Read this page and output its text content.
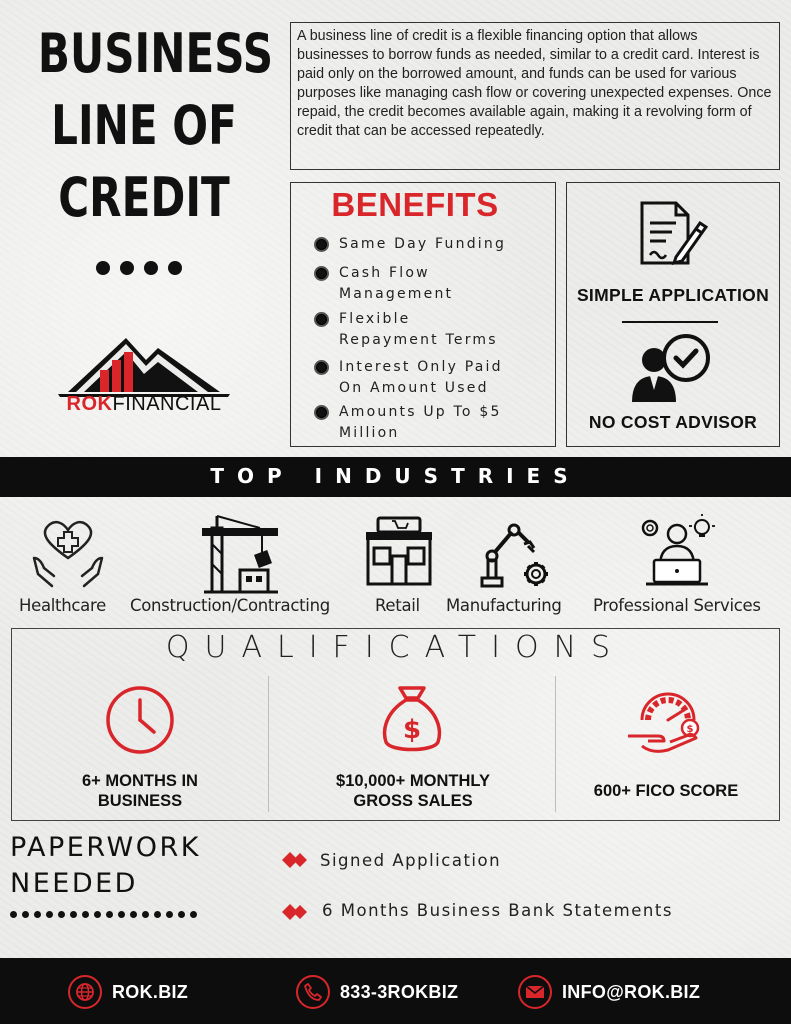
BUSINESS
LINE OF
CREDIT
ROKFINANCIAL
A business line of credit is a flexible financing option that allows businesses to borrow funds as needed, similar to a credit card. Interest is paid only on the borrowed amount, and funds can be used for various purposes like managing cash flow or covering unexpected expenses. Once repaid, the credit becomes available again, making it a revolving form of credit that can be accessed repeatedly.
BENEFITS
Same Day Funding
Cash Flow
Management
Flexible
Repayment Terms
Interest Only Paid
On Amount Used
Amounts Up To $5
Million
SIMPLE APPLICATION
NO COST ADVISOR
TOP INDUSTRIES
Healthcare Construction/Contracting	Retail Manufacturing Professional Services
QUALIFICATIONS
6+ MONTHS IN
BUSINESS
$
$10,000+ MONTHLY
GROSS SALES
$
600+ FICO SCORE
PAPERWORK
NEEDED
Signed Application
6 Months Business Bank Statements
ROK.BIZ	833-3ROKBIZ	INFO@ROK.BIZ
